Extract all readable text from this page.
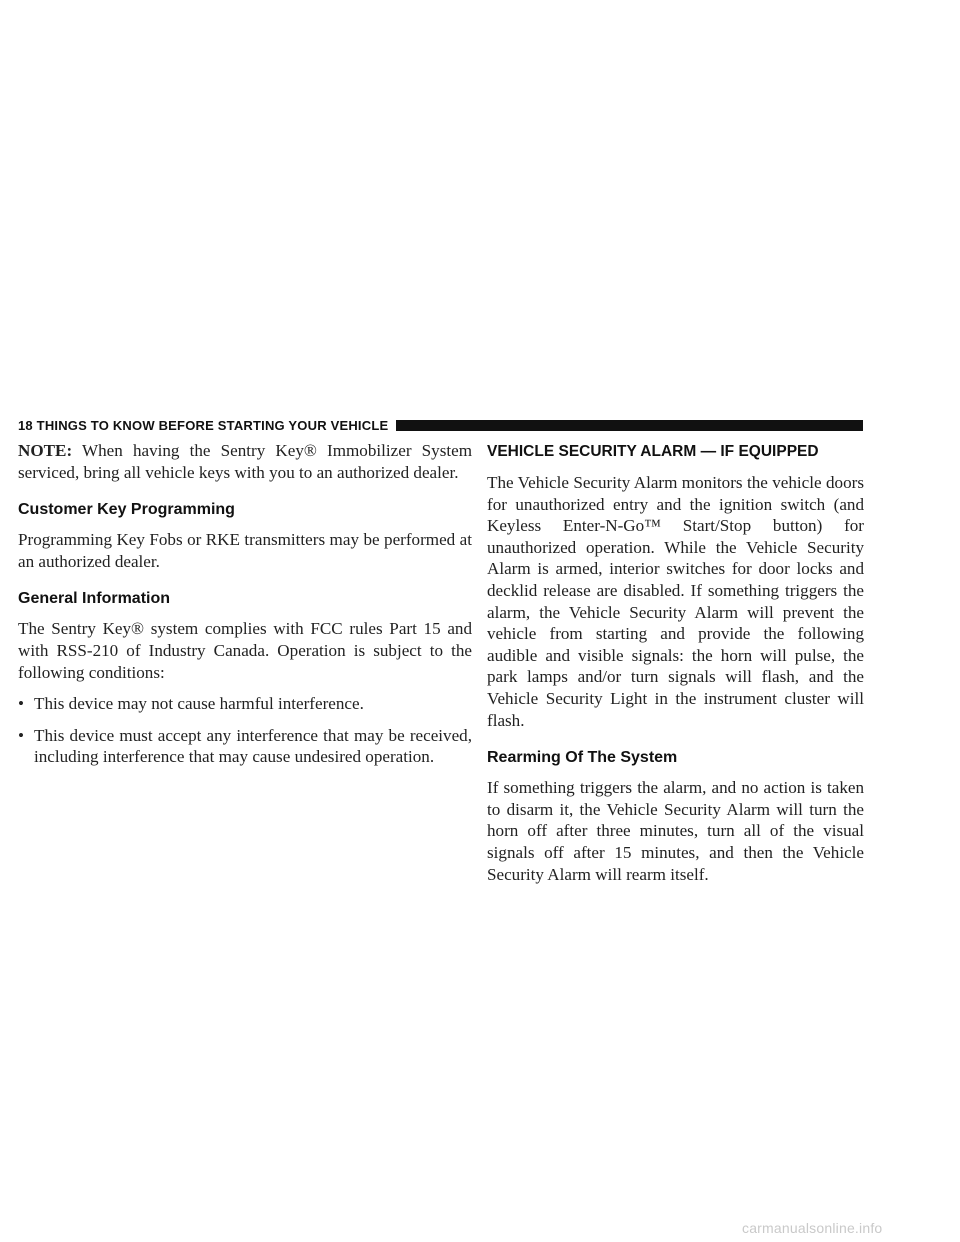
18 THINGS TO KNOW BEFORE STARTING YOUR VEHICLE

NOTE: When having the Sentry Key® Immobilizer System serviced, bring all vehicle keys with you to an authorized dealer.

Customer Key Programming

Programming Key Fobs or RKE transmitters may be performed at an authorized dealer.

General Information

The Sentry Key® system complies with FCC rules Part 15 and with RSS-210 of Industry Canada. Operation is subject to the following conditions:

• This device may not cause harmful interference.
• This device must accept any interference that may be received, including interference that may cause undesired operation.
VEHICLE SECURITY ALARM — IF EQUIPPED

The Vehicle Security Alarm monitors the vehicle doors for unauthorized entry and the ignition switch (and Keyless Enter-N-Go™ Start/Stop button) for unauthorized operation. While the Vehicle Security Alarm is armed, interior switches for door locks and decklid release are disabled. If something triggers the alarm, the Vehicle Security Alarm will prevent the vehicle from starting and provide the following audible and visible signals: the horn will pulse, the park lamps and/or turn signals will flash, and the Vehicle Security Light in the instrument cluster will flash.

Rearming Of The System

If something triggers the alarm, and no action is taken to disarm it, the Vehicle Security Alarm will turn the horn off after three minutes, turn all of the visual signals off after 15 minutes, and then the Vehicle Security Alarm will rearm itself.

carmanualsonline.info
